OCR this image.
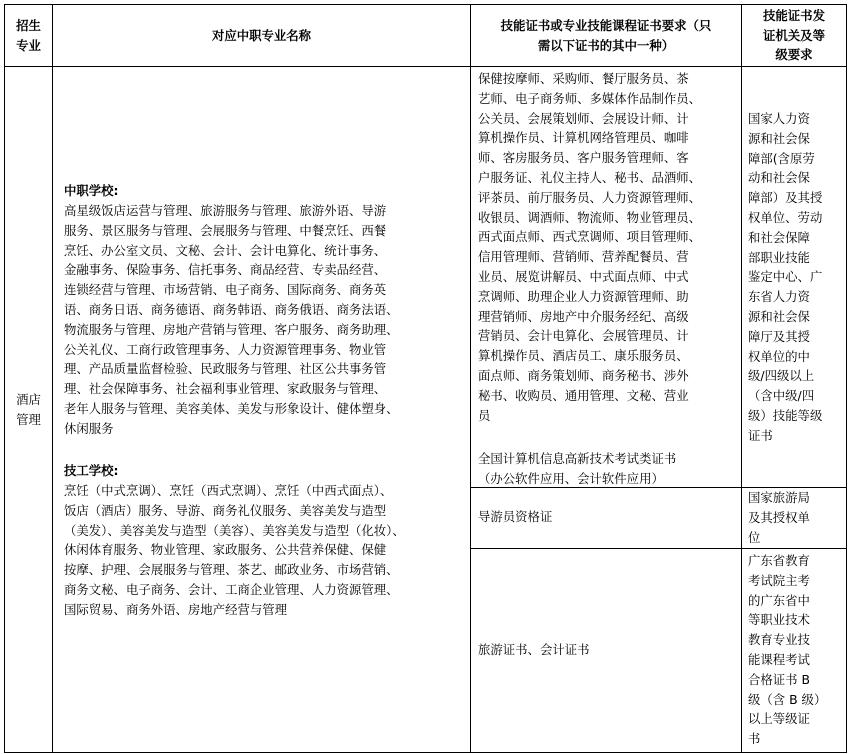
招生
专业
对应中职专业名称
技能证书或专业技能课程证书要求（只
需以下证书的其中一种）
技能证书发
证机关及等
级要求
酒店
管理
中职学校:
高星级饭店运营与管理、旅游服务与管理、旅游外语、导游
服务、景区服务与管理、会展服务与管理、中餐烹饪、西餐
烹饪、办公室文员、文秘、会计、会计电算化、统计事务、
金融事务、保险事务、信托事务、商品经营、专卖品经营、
连锁经营与管理、市场营销、电子商务、国际商务、商务英
语、商务日语、商务德语、商务韩语、商务俄语、商务法语、
物流服务与管理、房地产营销与管理、客户服务、商务助理、
公关礼仪、工商行政管理事务、人力资源管理事务、物业管
理、产品质量监督检验、民政服务与管理、社区公共事务管
理、社会保障事务、社会福利事业管理、家政服务与管理、
老年人服务与管理、美容美体、美发与形象设计、健体塑身、
休闲服务
技工学校:
烹饪（中式烹调）、烹饪（西式烹调）、烹饪（中西式面点）、
饭店（酒店）服务、导游、商务礼仪服务、美容美发与造型
（美发）、美容美发与造型（美容）、美容美发与造型（化妆）、
休闲体育服务、物业管理、家政服务、公共营养保健、保健
按摩、护理、会展服务与管理、茶艺、邮政业务、市场营销、
商务文秘、电子商务、会计、工商企业管理、人力资源管理、
国际贸易、商务外语、房地产经营与管理
保健按摩师、采购师、餐厅服务员、茶
艺师、电子商务师、多媒体作品制作员、
公关员、会展策划师、会展设计师、计
算机操作员、计算机网络管理员、咖啡
师、客房服务员、客户服务管理师、客
户服务证、礼仪主持人、秘书、品酒师、
评茶员、前厅服务员、人力资源管理师、
收银员、调酒师、物流师、物业管理员、
西式面点师、西式烹调师、项目管理师、
信用管理师、营销师、营养配餐员、营
业员、展览讲解员、中式面点师、中式
烹调师、助理企业人力资源管理师、助
理营销师、房地产中介服务经纪、高级
营销员、会计电算化、会展管理员、计
算机操作员、酒店员工、康乐服务员、
面点师、商务策划师、商务秘书、涉外
秘书、收购员、通用管理、文秘、营业
员
全国计算机信息高新技术考试类证书
（办公软件应用、会计软件应用）
导游员资格证
旅游证书、会计证书
国家人力资
源和社会保
障部(含原劳
动和社会保
障部）及其授
权单位、劳动
和社会保障
部职业技能
鉴定中心、广
东省人力资
源和社会保
障厅及其授
权单位的中
级/四级以上
（含中级/四
级）技能等级
证书
国家旅游局
及其授权单
位
广东省教育
考试院主考
的广东省中
等职业技术
教育专业技
能课程考试
合格证书 B
级（含 B 级）
以上等级证
书
